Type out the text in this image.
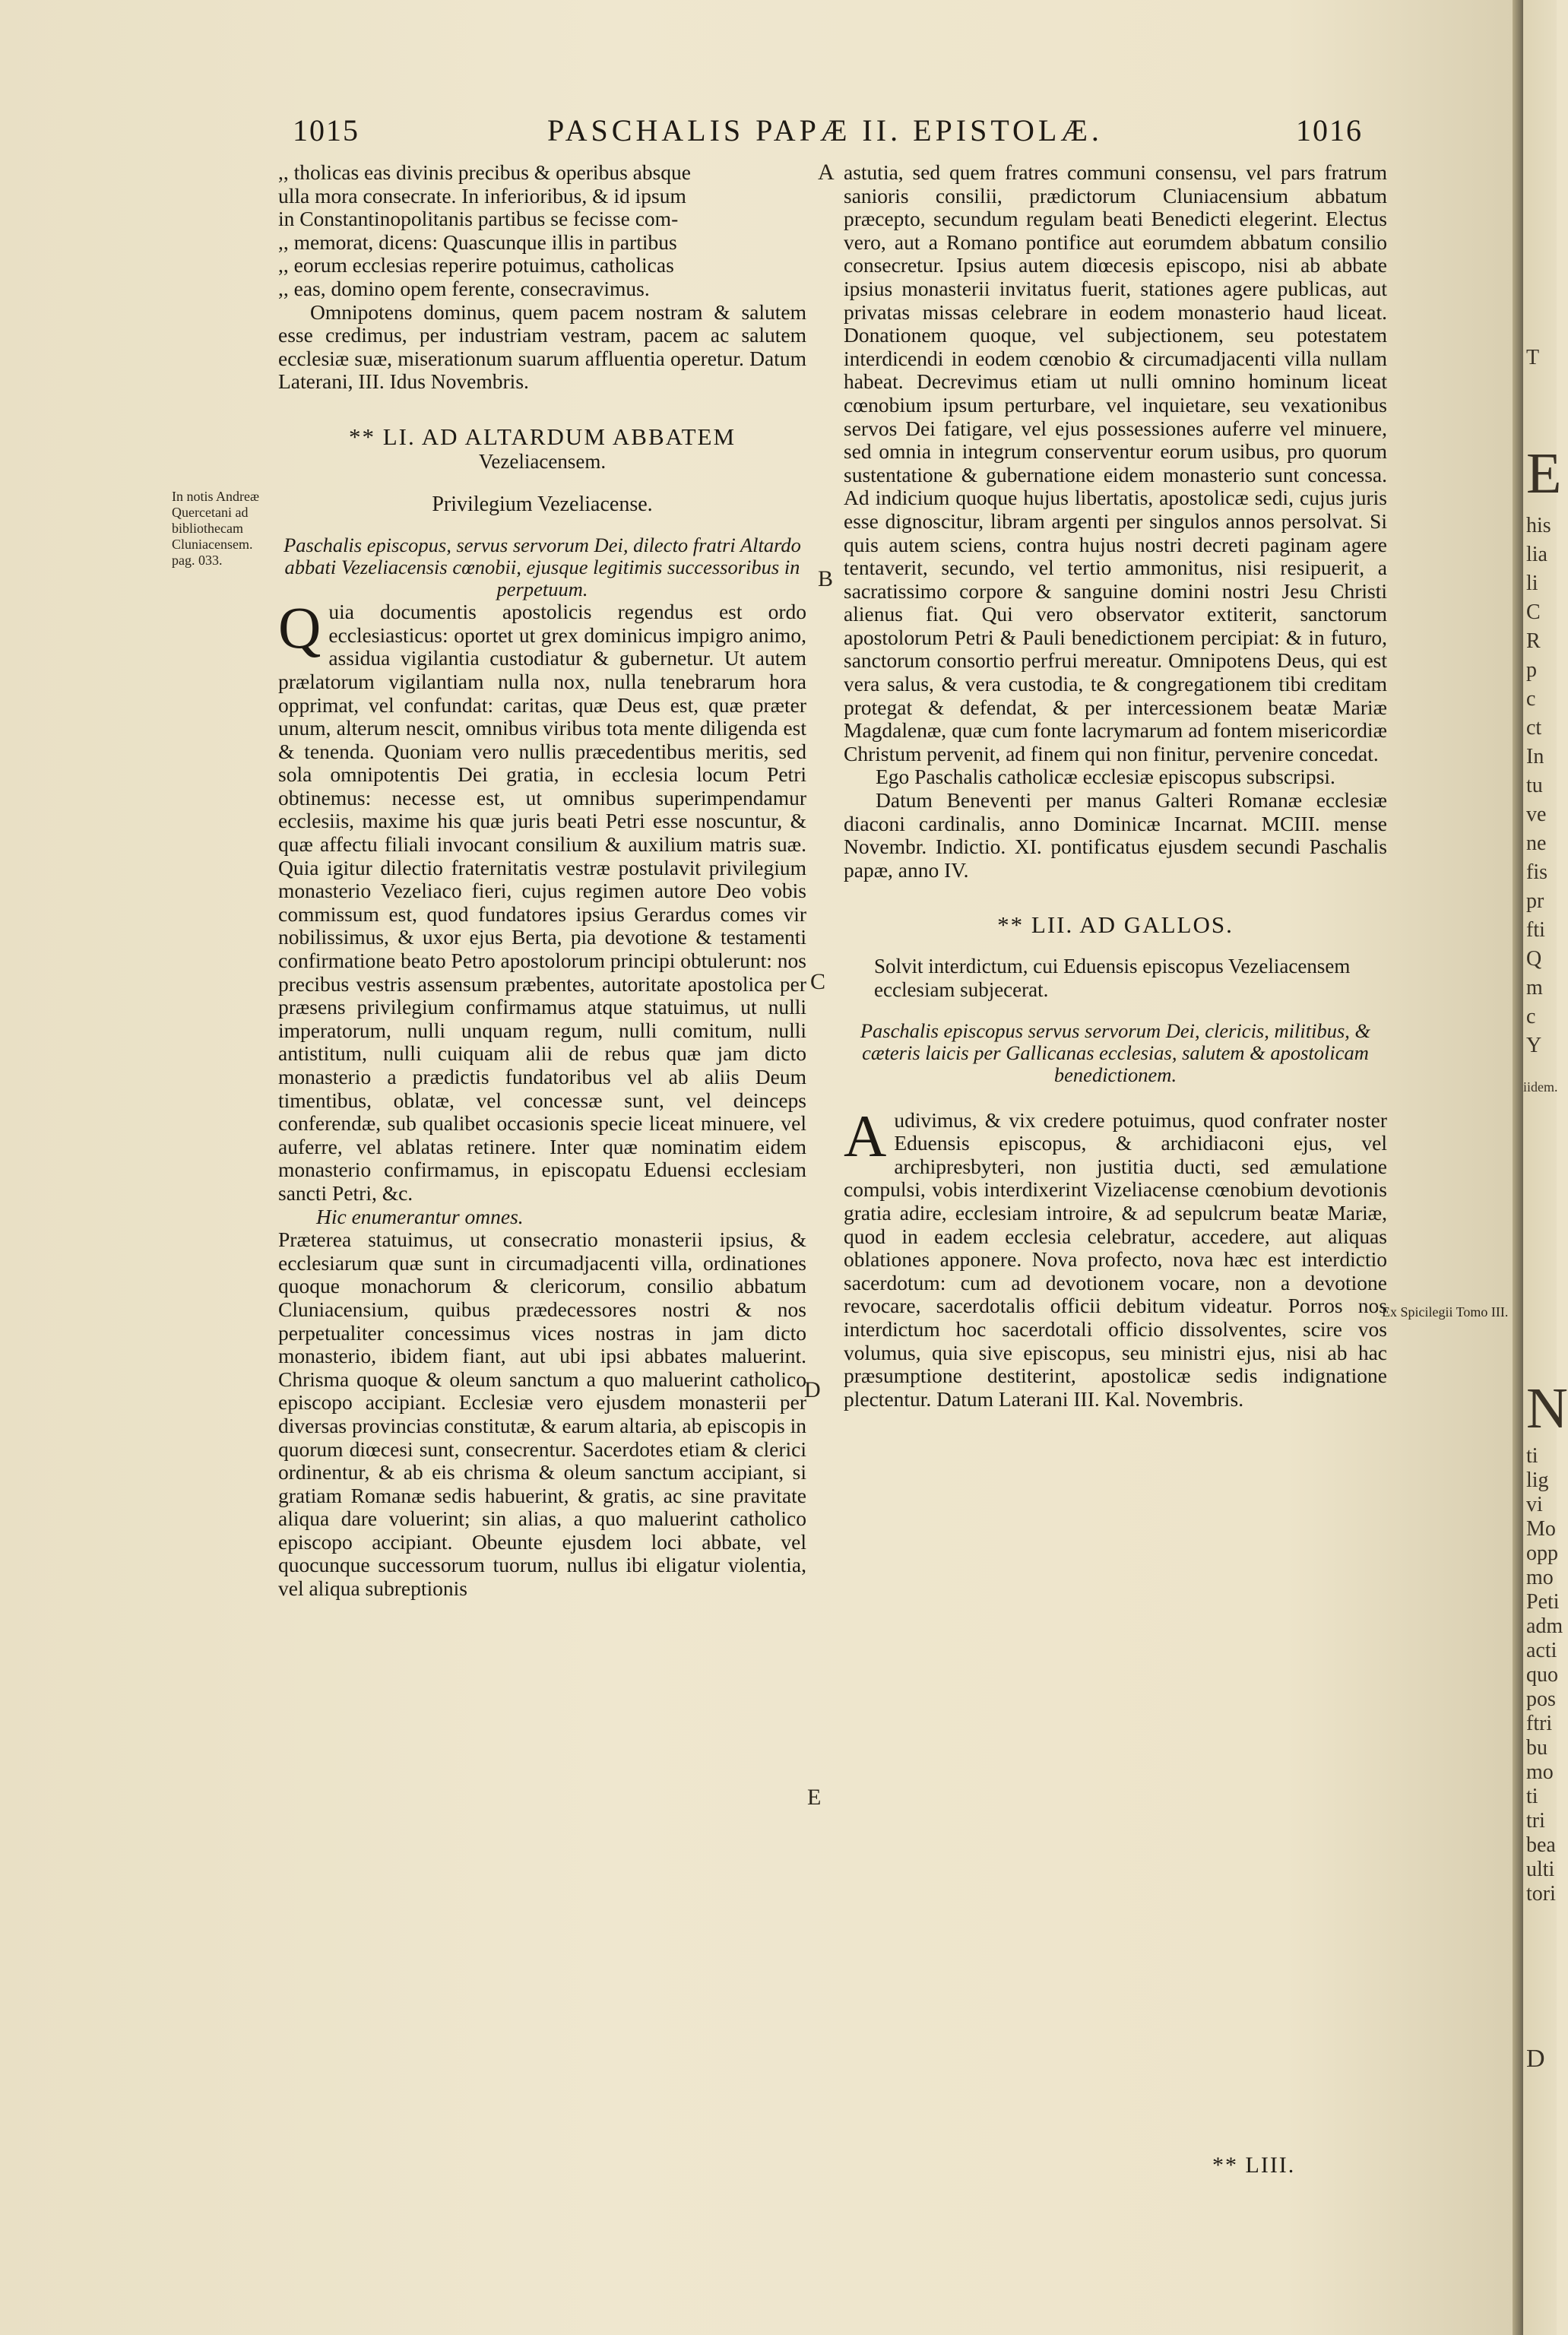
1015	PASCHALIS PAPÆ II. EPISTOLÆ.	1016
A
B
C
D
E
In notis Andreæ Quercetani ad bibliothecam Cluniacensem. pag. 033.
Ex Spicilegii Tomo III.

,, tholicas eas divinis precibus & operibus absque

ulla mora consecrate. In inferioribus, & id ipsum

in Constantinopolitanis partibus se fecisse com-

,, memorat, dicens: Quascunque illis in partibus

,, eorum ecclesias reperire potuimus, catholicas

,, eas, domino opem ferente, consecravimus.

Omnipotens dominus, quem pacem nostram & salutem esse credimus, per industriam vestram, pacem ac salutem ecclesiæ suæ, miserationum suarum affluentia operetur. Datum Laterani, III. Idus Novembris.

** LI. AD ALTARDUM ABBATEM
Vezeliacensem.
Privilegium Vezeliacense.

Paschalis episcopus, servus servorum Dei, dilecto fratri Altardo abbati Vezeliacensis cœnobii, ejusque legitimis successoribus in perpetuum.

Quia documentis apostolicis regendus est ordo ecclesiasticus: oportet ut grex dominicus impigro animo, assidua vigilantia custodiatur & gubernetur. Ut autem prælatorum vigilantiam nulla nox, nulla tenebrarum hora opprimat, vel confundat: caritas, quæ Deus est, quæ præter unum, alterum nescit, omnibus viribus tota mente diligenda est & tenenda. Quoniam vero nullis præcedentibus meritis, sed sola omnipotentis Dei gratia, in ecclesia locum Petri obtinemus: necesse est, ut omnibus superimpendamur ecclesiis, maxime his quæ juris beati Petri esse noscuntur, & quæ affectu filiali invocant consilium & auxilium matris suæ. Quia igitur dilectio fraternitatis vestræ postulavit privilegium monasterio Vezeliaco fieri, cujus regimen autore Deo vobis commissum est, quod fundatores ipsius Gerardus comes vir nobilissimus, & uxor ejus Berta, pia devotione & testamenti confirmatione beato Petro apostolorum principi obtulerunt: nos precibus vestris assensum præbentes, autoritate apostolica per præsens privilegium confirmamus atque statuimus, ut nulli imperatorum, nulli unquam regum, nulli comitum, nulli antistitum, nulli cuiquam alii de rebus quæ jam dicto monasterio a prædictis fundatoribus vel ab aliis Deum timentibus, oblatæ, vel concessæ sunt, vel deinceps conferendæ, sub qualibet occasionis specie liceat minuere, vel auferre, vel ablatas retinere. Inter quæ nominatim eidem monasterio confirmamus, in episcopatu Eduensi ecclesiam sancti Petri, &c.

Hic enumerantur omnes.

Præterea statuimus, ut consecratio monasterii ipsius, & ecclesiarum quæ sunt in circumadjacenti villa, ordinationes quoque monachorum & clericorum, consilio abbatum Cluniacensium, quibus prædecessores nostri & nos perpetualiter concessimus vices nostras in jam dicto monasterio, ibidem fiant, aut ubi ipsi abbates maluerint. Chrisma quoque & oleum sanctum a quo maluerint catholico episcopo accipiant. Ecclesiæ vero ejusdem monasterii per diversas provincias constitutæ, & earum altaria, ab episcopis in quorum diœcesi sunt, consecrentur. Sacerdotes etiam & clerici ordinentur, & ab eis chrisma & oleum sanctum accipiant, si gratiam Romanæ sedis habuerint, & gratis, ac sine pravitate aliqua dare voluerint; sin alias, a quo maluerint catholico episcopo accipiant. Obeunte ejusdem loci abbate, vel quocunque successorum tuorum, nullus ibi eligatur violentia, vel aliqua subreptionis

astutia, sed quem fratres communi consensu, vel pars fratrum sanioris consilii, prædictorum Cluniacensium abbatum præcepto, secundum regulam beati Benedicti elegerint. Electus vero, aut a Romano pontifice aut eorumdem abbatum consilio consecretur. Ipsius autem diœcesis episcopo, nisi ab abbate ipsius monasterii invitatus fuerit, stationes agere publicas, aut privatas missas celebrare in eodem monasterio haud liceat. Donationem quoque, vel subjectionem, seu potestatem interdicendi in eodem cœnobio & circumadjacenti villa nullam habeat. Decrevimus etiam ut nulli omnino hominum liceat cœnobium ipsum perturbare, vel inquietare, seu vexationibus servos Dei fatigare, vel ejus possessiones auferre vel minuere, sed omnia in integrum conserventur eorum usibus, pro quorum sustentatione & gubernatione eidem monasterio sunt concessa. Ad indicium quoque hujus libertatis, apostolicæ sedi, cujus juris esse dignoscitur, libram argenti per singulos annos persolvat. Si quis autem sciens, contra hujus nostri decreti paginam agere tentaverit, secundo, vel tertio ammonitus, nisi resipuerit, a sacratissimo corpore & sanguine domini nostri Jesu Christi alienus fiat. Qui vero observator extiterit, sanctorum apostolorum Petri & Pauli benedictionem percipiat: & in futuro, sanctorum consortio perfrui mereatur. Omnipotens Deus, qui est vera salus, & vera custodia, te & congregationem tibi creditam protegat & defendat, & per intercessionem beatæ Mariæ Magdalenæ, quæ cum fonte lacrymarum ad fontem misericordiæ Christum pervenit, ad finem qui non finitur, pervenire concedat.

Ego Paschalis catholicæ ecclesiæ episcopus subscripsi.

Datum Beneventi per manus Galteri Romanæ ecclesiæ diaconi cardinalis, anno Dominicæ Incarnat. MCIII. mense Novembr. Indictio. XI. pontificatus ejusdem secundi Paschalis papæ, anno IV.

** LII. AD GALLOS.

Solvit interdictum, cui Eduensis episcopus Vezeliacensem ecclesiam subjecerat.

Paschalis episcopus servus servorum Dei, clericis, militibus, & cæteris laicis per Gallicanas ecclesias, salutem & apostolicam benedictionem.

Audivimus, & vix credere potuimus, quod confrater noster Eduensis episcopus, & archidiaconi ejus, vel archipresbyteri, non justitia ducti, sed æmulatione compulsi, vobis interdixerint Vizeliacense cœnobium devotionis gratia adire, ecclesiam introire, & ad sepulcrum beatæ Mariæ, quod in eadem ecclesia celebratur, accedere, aut aliquas oblationes apponere. Nova profecto, nova hæc est interdictio sacerdotum: cum ad devotionem vocare, non a devotione revocare, sacerdotalis officii debitum videatur. Porros nos interdictum hoc sacerdotali officio dissolventes, scire vos volumus, quia sive episcopus, seu ministri ejus, nisi ab hac præsumptione destiterint, apostolicæ sedis indignatione plectentur. Datum Laterani III. Kal. Novembris.

** LIII.
T
E
his
lia
li
C
R
p
c
ct
In
tu
ve
ne
fis
pr
fti
Q
m
c
Y
iidem.
N
ti
lig
vi
Mo
opp
mo
Peti
adm
acti
quo
pos
ftri
bu
mo
ti
tri
bea
ulti
tori
D
